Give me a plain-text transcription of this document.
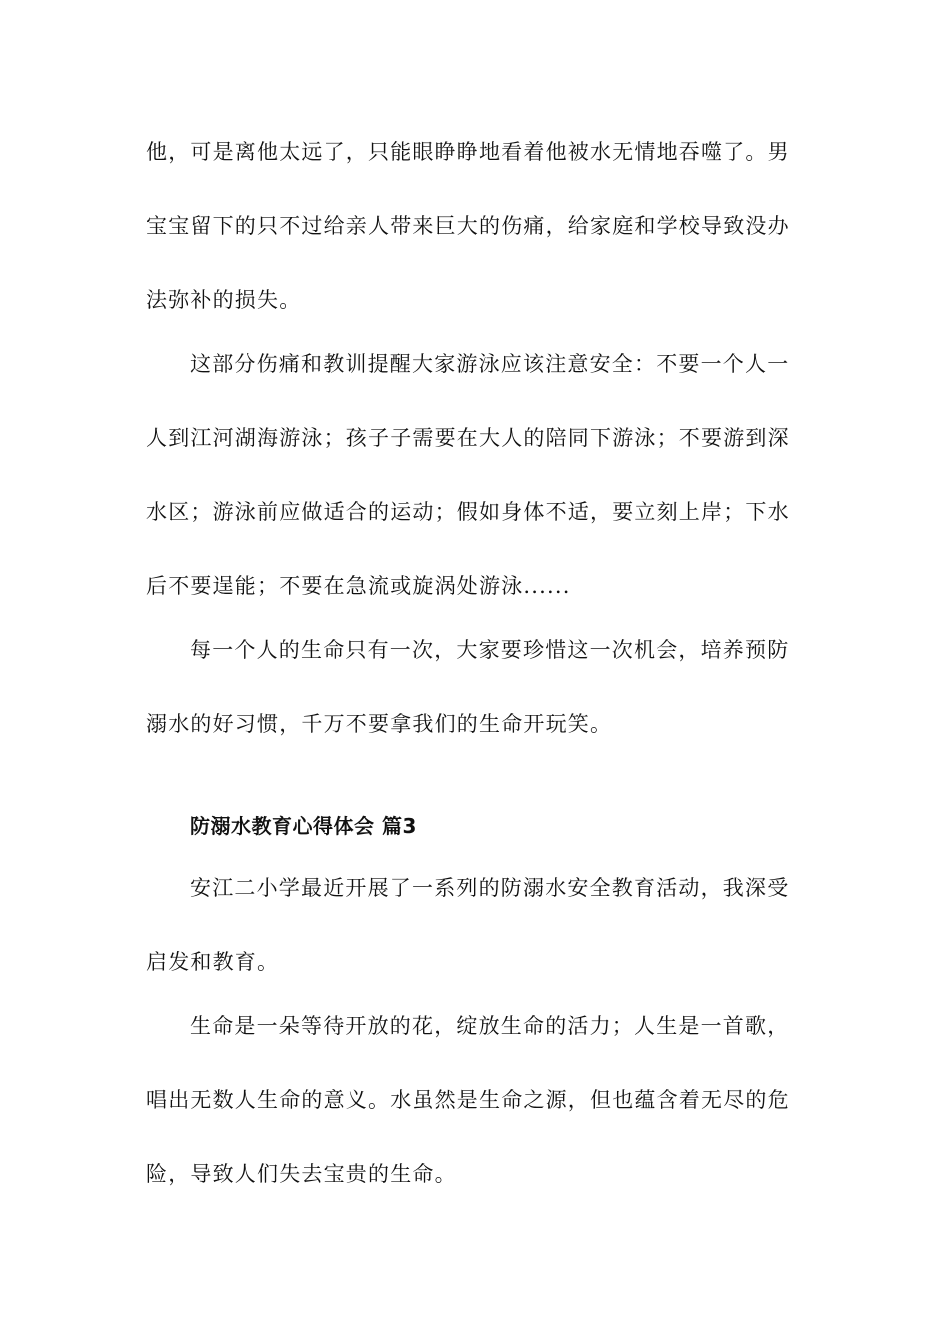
他，可是离他太远了，只能眼睁睁地看着他被水无情地吞噬了。男
宝宝留下的只不过给亲人带来巨大的伤痛，给家庭和学校导致没办
法弥补的损失。
这部分伤痛和教训提醒大家游泳应该注意安全：不要一个人一
人到江河湖海游泳；孩子子需要在大人的陪同下游泳；不要游到深
水区；游泳前应做适合的运动；假如身体不适，要立刻上岸；下水
后不要逞能；不要在急流或旋涡处游泳......
每一个人的生命只有一次，大家要珍惜这一次机会，培养预防
溺水的好习惯，千万不要拿我们的生命开玩笑。
防溺水教育心得体会 篇3
安江二小学最近开展了一系列的防溺水安全教育活动，我深受
启发和教育。
生命是一朵等待开放的花，绽放生命的活力；人生是一首歌，
唱出无数人生命的意义。水虽然是生命之源，但也蕴含着无尽的危
险，导致人们失去宝贵的生命。
